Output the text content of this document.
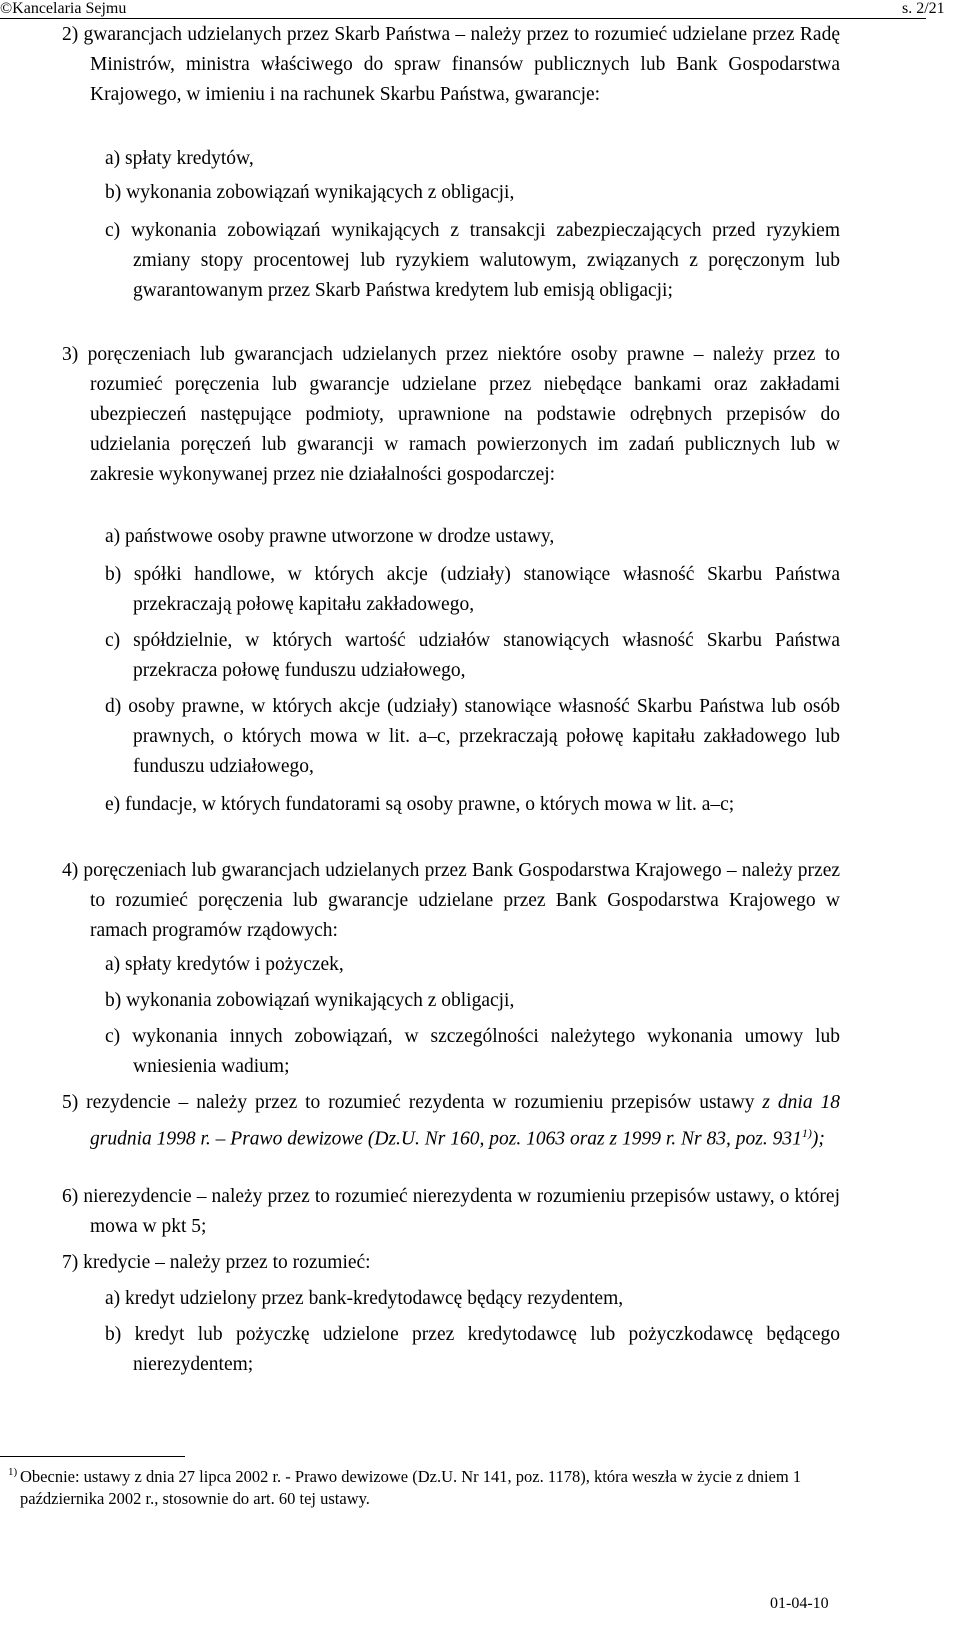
©Kancelaria Sejmu	s. 2/21
2) gwarancjach udzielanych przez Skarb Państwa – należy przez to rozumieć udzielane przez Radę Ministrów, ministra właściwego do spraw finansów publicznych lub Bank Gospodarstwa Krajowego, w imieniu i na rachunek Skarbu Państwa, gwarancje:
a) spłaty kredytów,
b) wykonania zobowiązań wynikających z obligacji,
c) wykonania zobowiązań wynikających z transakcji zabezpieczających przed ryzykiem zmiany stopy procentowej lub ryzykiem walutowym, związanych z poręczonym lub gwarantowanym przez Skarb Państwa kredytem lub emisją obligacji;
3) poręczeniach lub gwarancjach udzielanych przez niektóre osoby prawne – należy przez to rozumieć poręczenia lub gwarancje udzielane przez niebędące bankami oraz zakładami ubezpieczeń następujące podmioty, uprawnione na podstawie odrębnych przepisów do udzielania poręczeń lub gwarancji w ramach powierzonych im zadań publicznych lub w zakresie wykonywanej przez nie działalności gospodarczej:
a) państwowe osoby prawne utworzone w drodze ustawy,
b) spółki handlowe, w których akcje (udziały) stanowiące własność Skarbu Państwa przekraczają połowę kapitału zakładowego,
c) spółdzielnie, w których wartość udziałów stanowiących własność Skarbu Państwa przekracza połowę funduszu udziałowego,
d) osoby prawne, w których akcje (udziały) stanowiące własność Skarbu Państwa lub osób prawnych, o których mowa w lit. a–c, przekraczają połowę kapitału zakładowego lub funduszu udziałowego,
e) fundacje, w których fundatorami są osoby prawne, o których mowa w lit. a–c;
4) poręczeniach lub gwarancjach udzielanych przez Bank Gospodarstwa Krajowego – należy przez to rozumieć poręczenia lub gwarancje udzielane przez Bank Gospodarstwa Krajowego w ramach programów rządowych:
a) spłaty kredytów i pożyczek,
b) wykonania zobowiązań wynikających z obligacji,
c) wykonania innych zobowiązań, w szczególności należytego wykonania umowy lub wniesienia wadium;
5) rezydencie – należy przez to rozumieć rezydenta w rozumieniu przepisów ustawy z dnia 18 grudnia 1998 r. – Prawo dewizowe (Dz.U. Nr 160, poz. 1063 oraz z 1999 r. Nr 83, poz. 931$^{1)}$);
6) nierezydencie – należy przez to rozumieć nierezydenta w rozumieniu przepisów ustawy, o której mowa w pkt 5;
7) kredycie – należy przez to rozumieć:
a) kredyt udzielony przez bank-kredytodawcę będący rezydentem,
b) kredyt lub pożyczkę udzielone przez kredytodawcę lub pożyczkodawcę będącego nierezydentem;
1) Obecnie: ustawy z dnia 27 lipca 2002 r. - Prawo dewizowe (Dz.U. Nr 141, poz. 1178), która weszła w życie z dniem 1 października 2002 r., stosownie do art. 60 tej ustawy.
01-04-10
